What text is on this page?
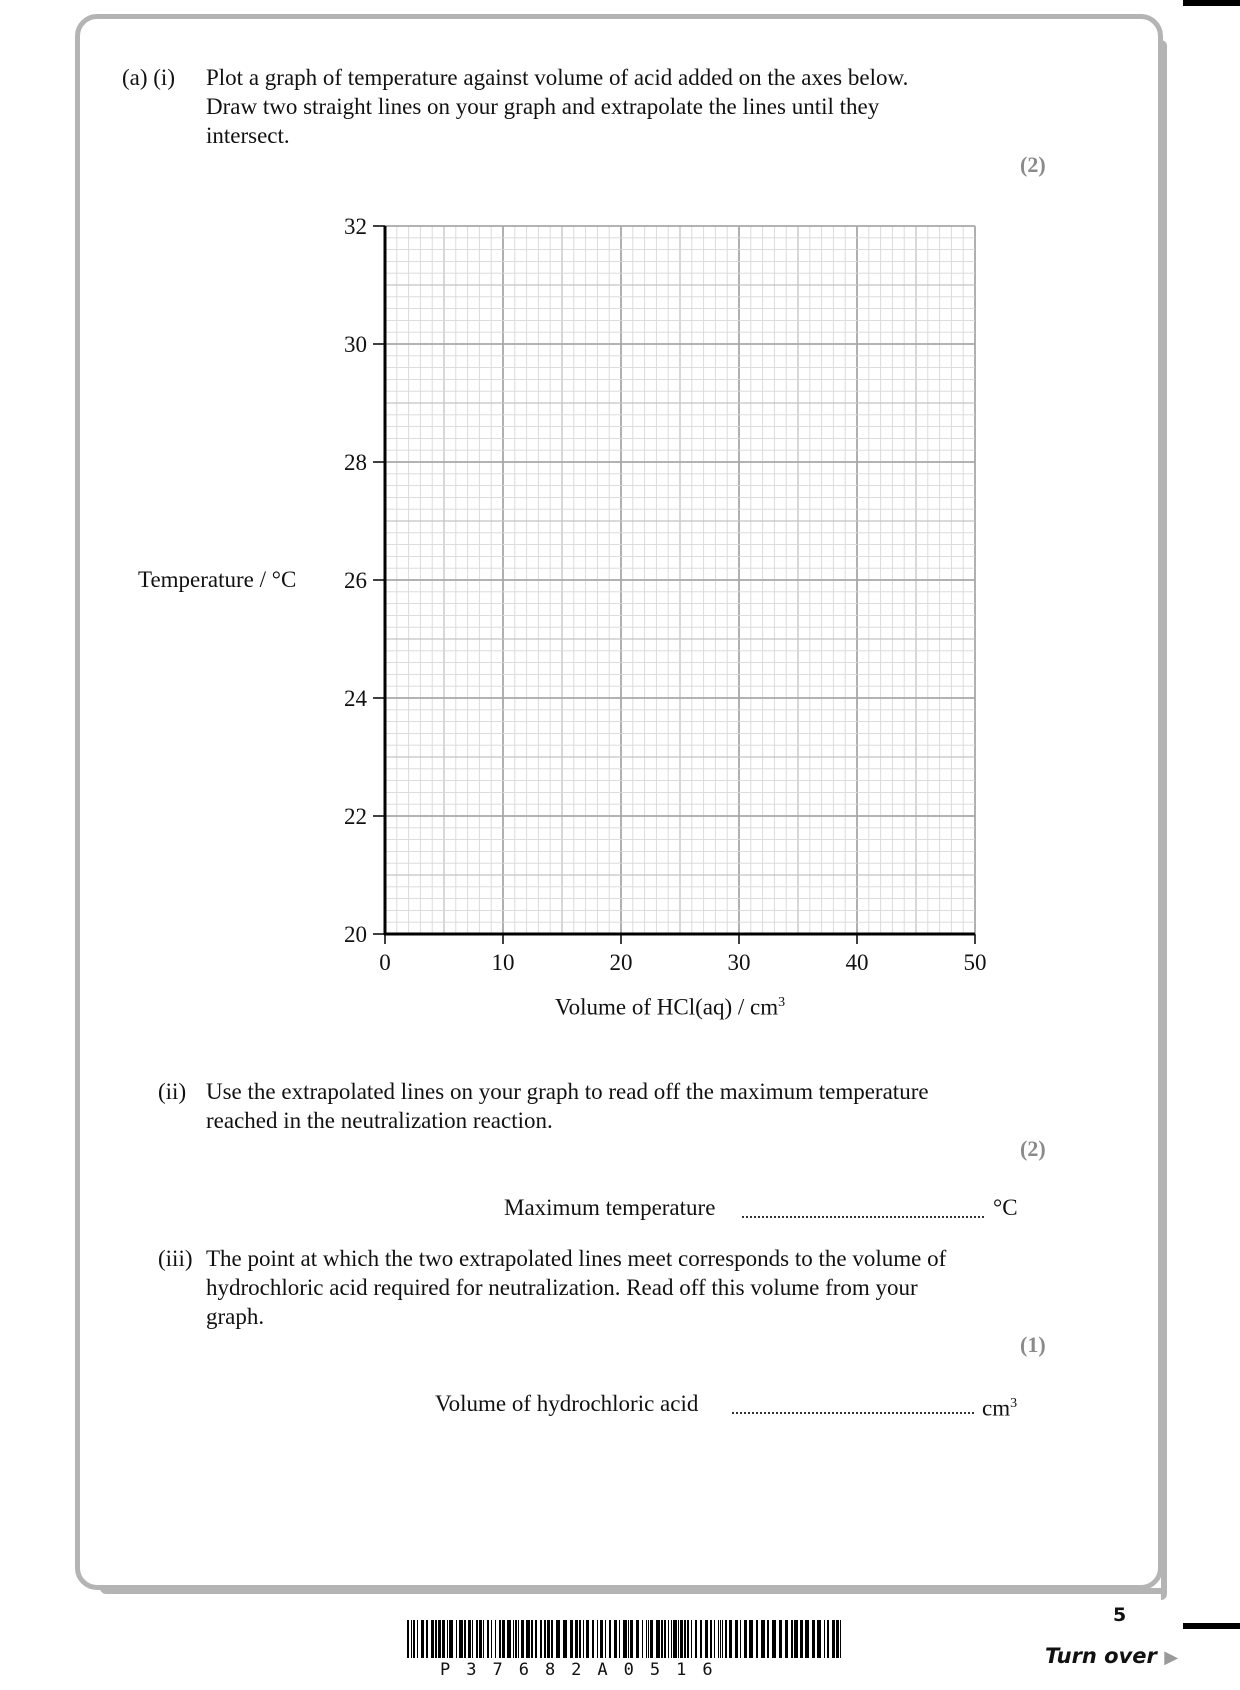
(a) (i) Plot a graph of temperature against volume of acid added on the axes below.
Draw two straight lines on your graph and extrapolate the lines until they
intersect.
(2)
20
22
24
26
28
30
32
0	10	20	30	40	50
Temperature / °C
Volume of $HCl(aq) / cm^3$
(ii) Use the extrapolated lines on your graph to read off the maximum temperature
reached in the neutralization reaction.
(2)
Maximum temperature	°C
(iii) The point at which the two extrapolated lines meet corresponds to the volume of
hydrochloric acid required for neutralization. Read off this volume from your
graph.
(1)
Volume of hydrochloric acid	$cm^3$
5
Turn over ▶
P37682A0516
